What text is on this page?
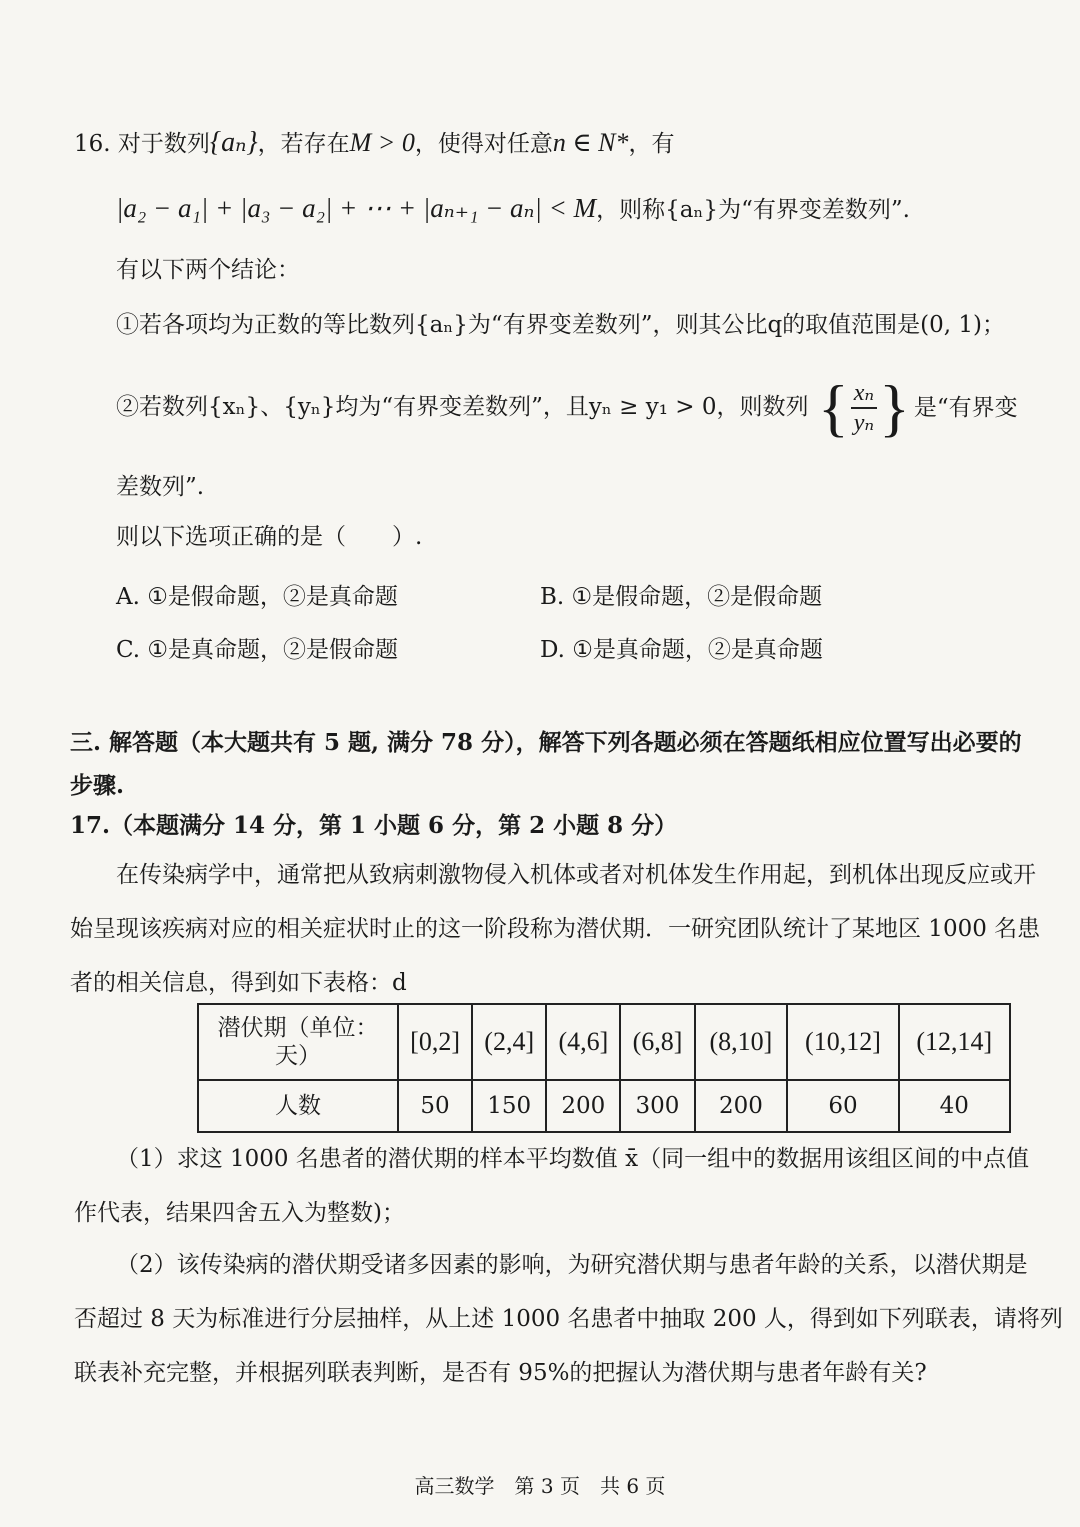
16. 对于数列{aₙ}，若存在M > 0，使得对任意n ∈ N*，有
|a₂ − a₁| + |a₃ − a₂| + ⋯ + |aₙ₊₁ − aₙ| < M，则称{aₙ}为“有界变差数列”.
有以下两个结论：
①若各项均为正数的等比数列{aₙ}为“有界变差数列”，则其公比q的取值范围是(0, 1)；
②若数列{xₙ}、{yₙ}均为“有界变差数列”，且yₙ ≥ y₁ > 0，则数列 { xₙ
yₙ } 是“有界变
差数列”.
则以下选项正确的是（　　）.
A. ①是假命题，②是真命题	B. ①是假命题，②是假命题
C. ①是真命题，②是假命题	D. ①是真命题，②是真命题
三. 解答题（本大题共有 5 题, 满分 78 分），解答下列各题必须在答题纸相应位置写出必要的
步骤.
17.（本题满分 14 分，第 1 小题 6 分，第 2 小题 8 分）
在传染病学中，通常把从致病刺激物侵入机体或者对机体发生作用起，到机体出现反应或开
始呈现该疾病对应的相关症状时止的这一阶段称为潜伏期．一研究团队统计了某地区 1000 名患
者的相关信息，得到如下表格：d
潜伏期（单位：
天）	[0,2]	(2,4]	(4,6]	(6,8]	(8,10]	(10,12]	(12,14]
人数	50	150	200	300	200	60	40
（1）求这 1000 名患者的潜伏期的样本平均数值 x̄（同一组中的数据用该组区间的中点值
作代表，结果四舍五入为整数)；
（2）该传染病的潜伏期受诸多因素的影响，为研究潜伏期与患者年龄的关系，以潜伏期是
否超过 8 天为标准进行分层抽样，从上述 1000 名患者中抽取 200 人，得到如下列联表，请将列
联表补充完整，并根据列联表判断，是否有 95%的把握认为潜伏期与患者年龄有关?
高三数学　第 3 页　共 6 页
